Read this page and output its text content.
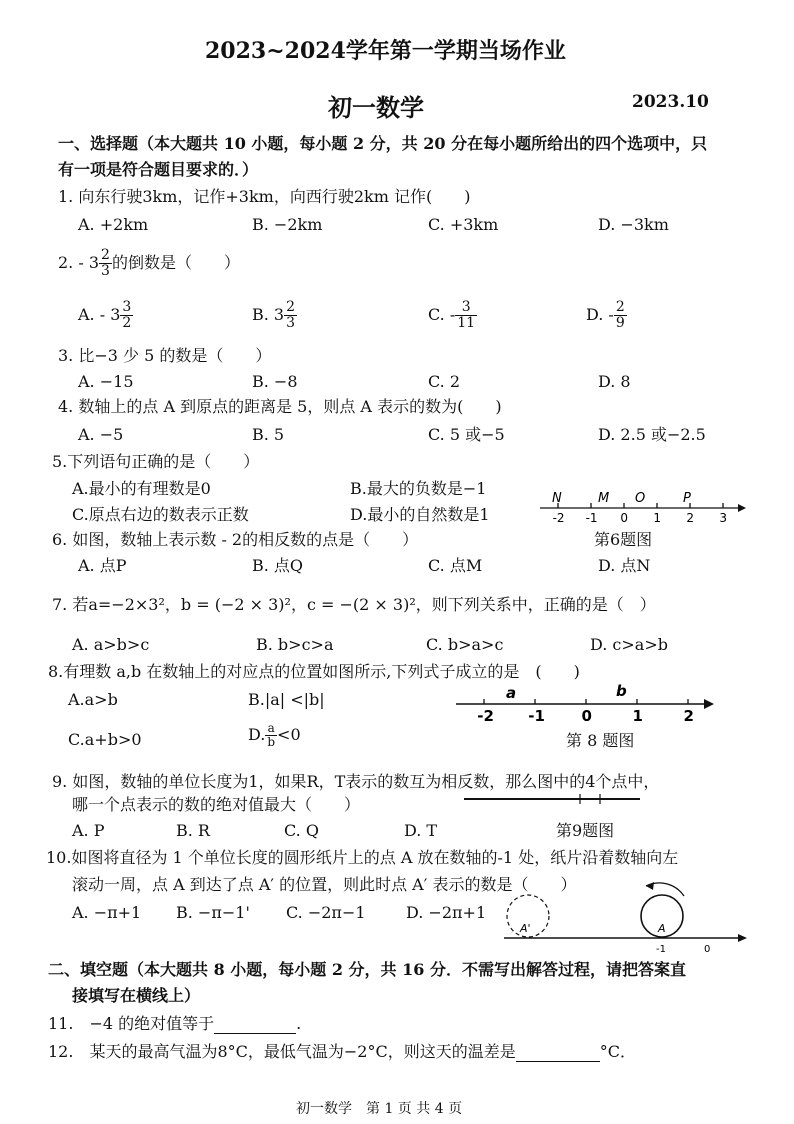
2023~2024学年第一学期当场作业
初一数学	2023.10
一、选择题（本大题共 10 小题，每小题 2 分，共 20 分在每小题所给出的四个选项中，只
有一项是符合题目要求的．）
1. 向东行驶3km，记作+3km，向西行驶2km 记作(　　)
A. +2km	B. −2km	C. +3km	D. −3km
2. - $3 \frac{2}{3}$ 的倒数是（　　）
A. - $3 \frac{3}{2}$	B. $3 \frac{2}{3}$	C. - $\frac{3}{11}$	D. - $\frac{2}{9}$
3. 比−3 少 5 的数是（　　）
A. −15	B. −8	C. 2	D. 8
4. 数轴上的点 A 到原点的距离是 5，则点 A 表示的数为(　　)
A. −5	B. 5	C. 5 或−5	D. 2.5 或−2.5
5.下列语句正确的是（　　）
A.最小的有理数是0	B.最大的负数是−1
C.原点右边的数表示正数	D.最小的自然数是1	-2 -1 0 1 2 3
N	M O	P
第6题图
6. 如图，数轴上表示数 - 2的相反数的点是（　　）
A. 点P	B. 点Q	C. 点M	D. 点N
7. 若a=−2×3²，b = (−2 × 3)²，c = −(2 × 3)²，则下列关系中，正确的是（　）
A. a>b>c	B. b>c>a	C. b>a>c	D. c>a>b
8.有理数 a,b 在数轴上的对应点的位置如图所示,下列式子成立的是　(　　)
A.a>b	B.|a| <|b|
C.a+b>0	D. $\frac{a}{b} <0$
-2 -1 0	1	2
a	b
第 8 题图
9. 如图，数轴的单位长度为1，如果R，T表示的数互为相反数，那么图中的4个点中，
哪一个点表示的数的绝对值最大（　　）
A. P	B. R	C. Q	D. T	第9题图
10.如图将直径为 1 个单位长度的圆形纸片上的点 A 放在数轴的-1 处，纸片沿着数轴向左
滚动一周，点 A 到达了点 A′ 的位置，则此时点 A′ 表示的数是（　　）
A. −π+1 B. −π−1' C. −2π−1	D. −2π+1
A'	A
-1	0
二、填空题（本大题共 8 小题，每小题 2 分，共 16 分．不需写出解答过程，请把答案直
接填写在横线上）
11.　−4 的绝对值等于	.
12.　某天的最高气温为8°C，最低气温为−2°C，则这天的温差是	°C．
初一数学　第 1 页 共 4 页
